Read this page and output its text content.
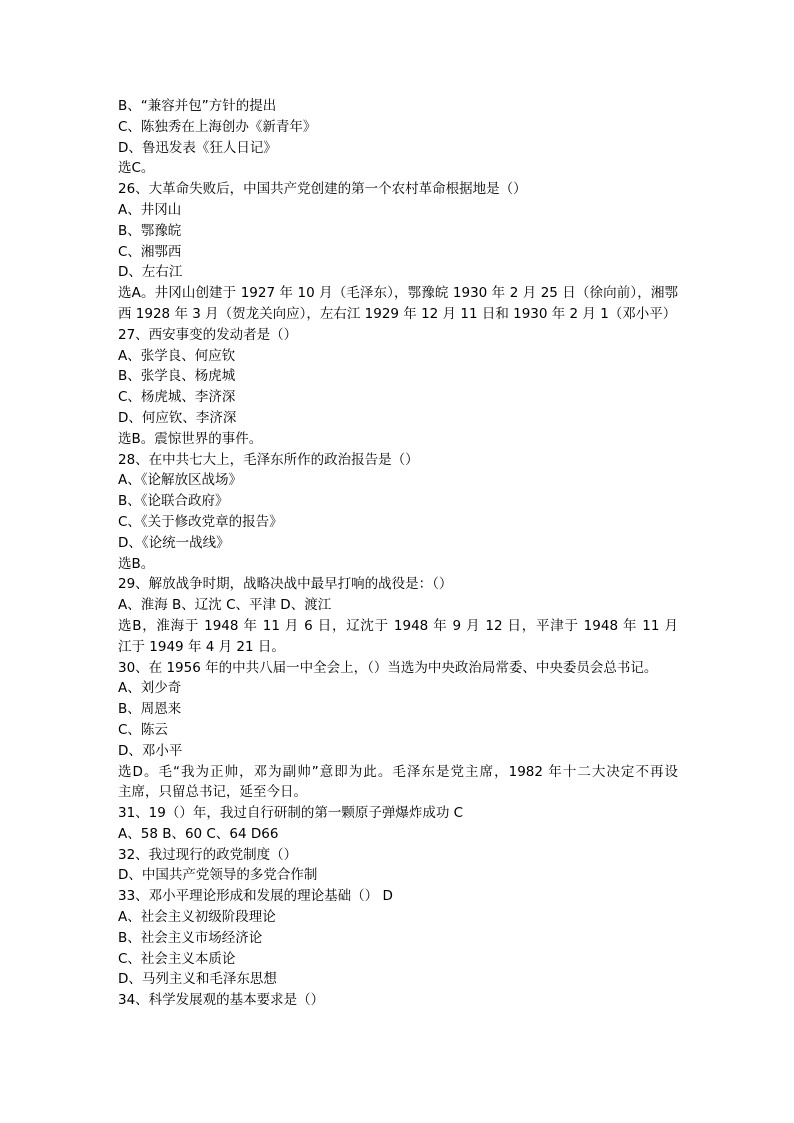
B、“兼容并包”方针的提出
C、陈独秀在上海创办《新青年》
D、鲁迅发表《狂人日记》
选C。
26、大革命失败后，中国共产党创建的第一个农村革命根据地是（）
A、井冈山
B、鄂豫皖
C、湘鄂西
D、左右江
选A。井冈山创建于 1927 年 10 月（毛泽东），鄂豫皖 1930 年 2 月 25 日（徐向前），湘鄂
西 1928 年 3 月（贺龙关向应），左右江 1929 年 12 月 11 日和 1930 年 2 月 1（邓小平）
27、西安事变的发动者是（）
A、张学良、何应钦
B、张学良、杨虎城
C、杨虎城、李济深
D、何应钦、李济深
选B。震惊世界的事件。
28、在中共七大上，毛泽东所作的政治报告是（）
A、《论解放区战场》
B、《论联合政府》
C、《关于修改党章的报告》
D、《论统一战线》
选B。
29、解放战争时期，战略决战中最早打响的战役是：（）
A、淮海 B、辽沈 C、平津 D、渡江
选B，淮海于 1948 年 11 月 6 日，辽沈于 1948 年 9 月 12 日，平津于 1948 年 11 月
江于 1949 年 4 月 21 日。
30、在 1956 年的中共八届一中全会上，（）当选为中央政治局常委、中央委员会总书记。
A、刘少奇
B、周恩来
C、陈云
D、邓小平
选D。毛“我为正帅，邓为副帅”意即为此。毛泽东是党主席，1982 年十二大决定不再设
主席，只留总书记，延至今日。
31、19（）年，我过自行研制的第一颗原子弹爆炸成功 C
A、58 B、60 C、64 D66
32、我过现行的政党制度（）
D、中国共产党领导的多党合作制
33、邓小平理论形成和发展的理论基础（） D
A、社会主义初级阶段理论
B、社会主义市场经济论
C、社会主义本质论
D、马列主义和毛泽东思想
34、科学发展观的基本要求是（）
